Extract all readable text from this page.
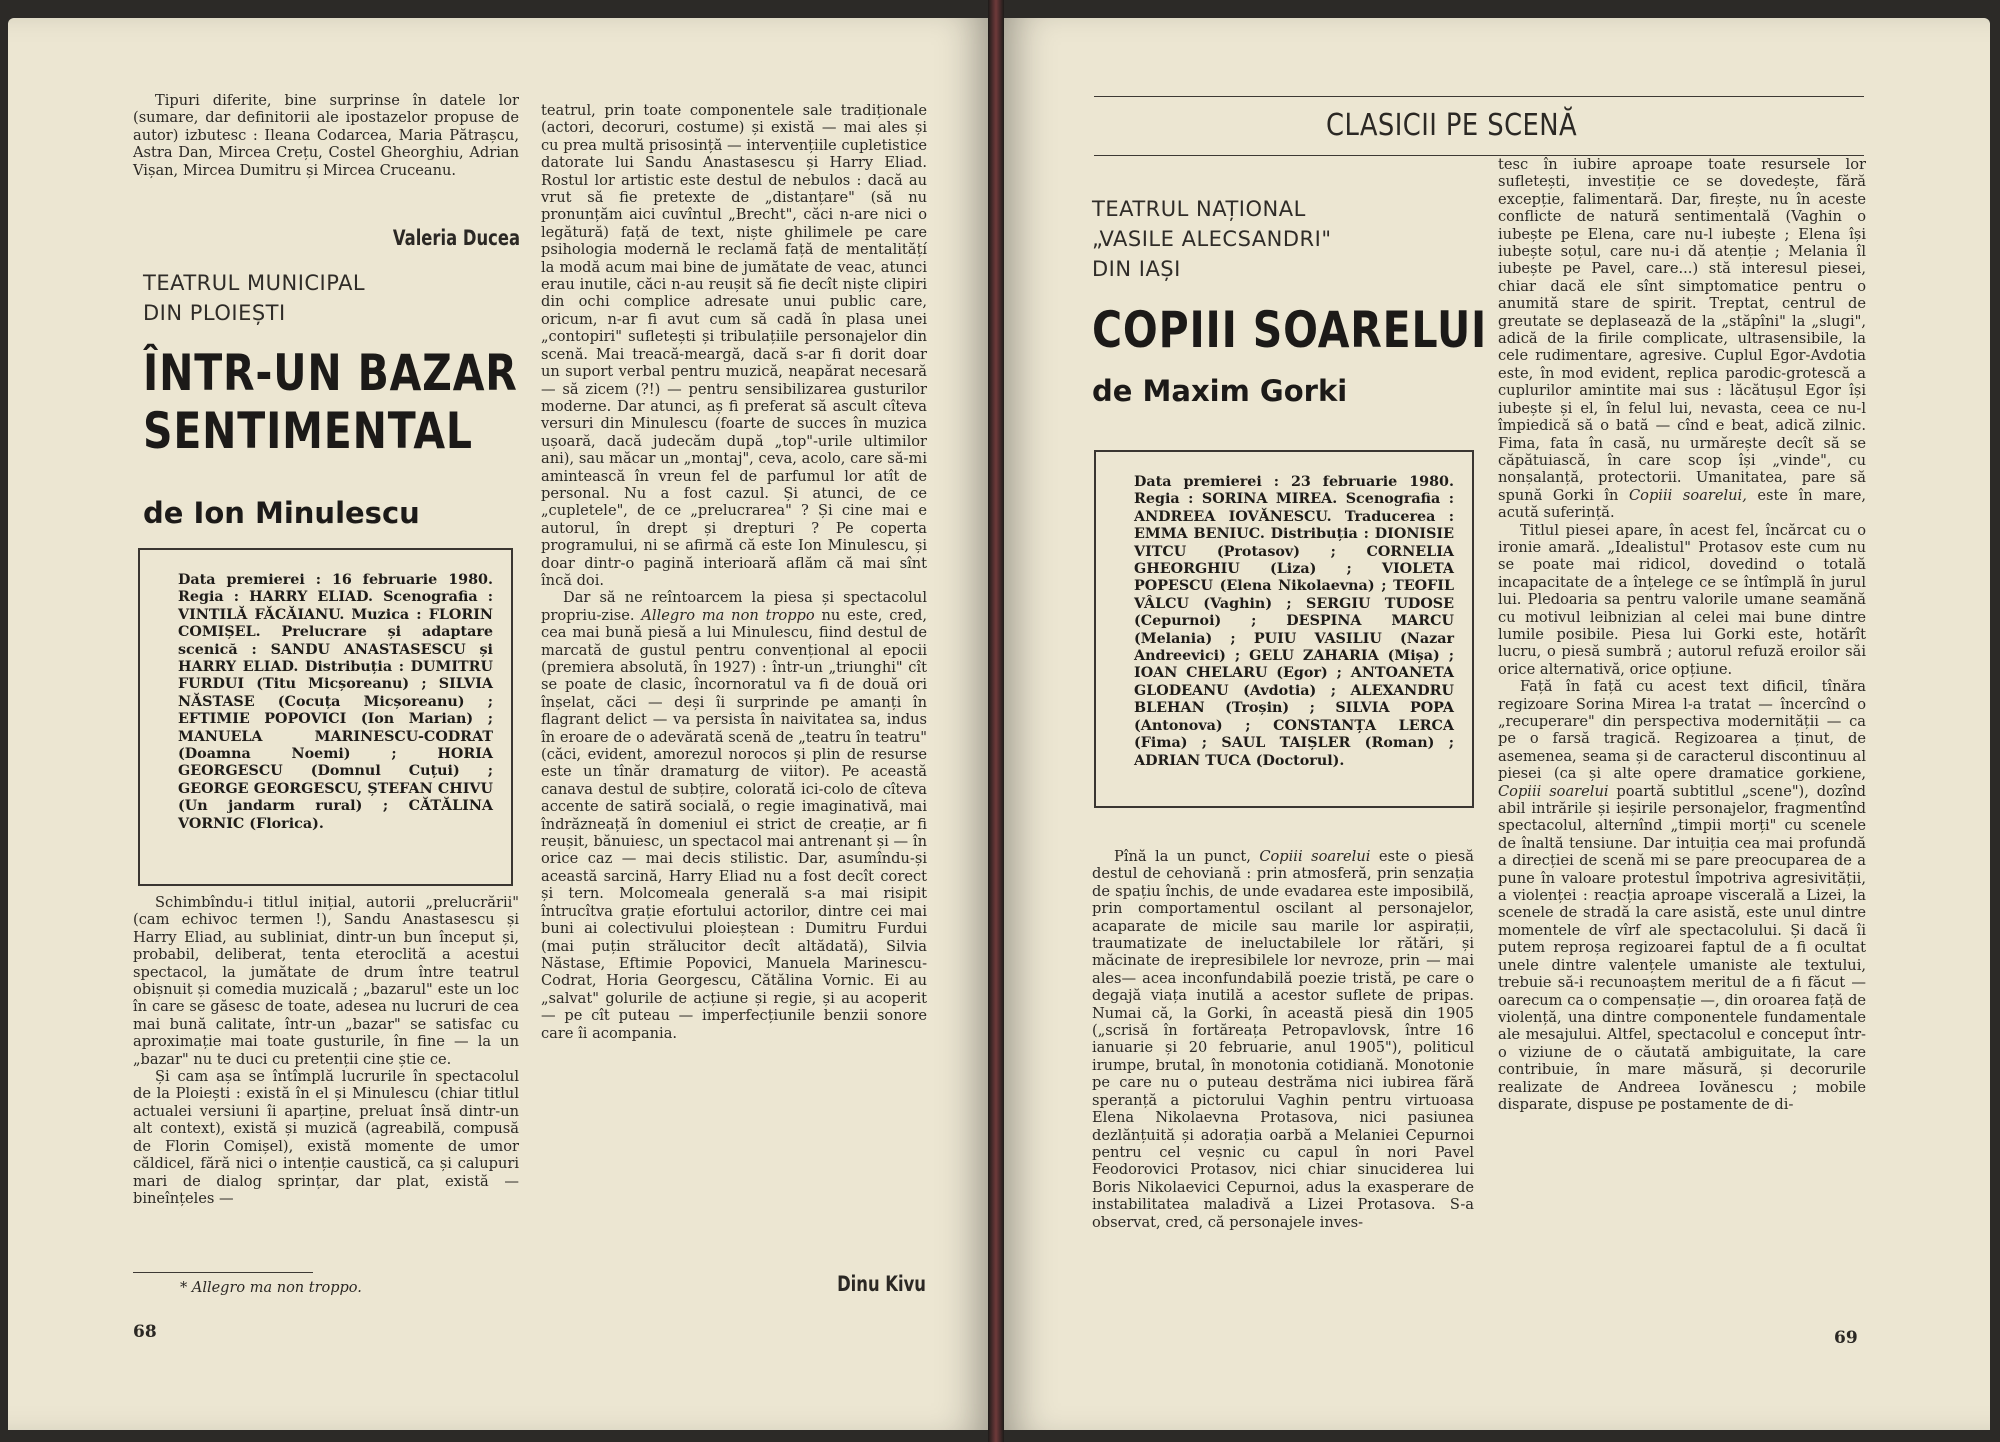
Tipuri diferite, bine surprinse în datele lor (sumare, dar definitorii ale ipostazelor propuse de autor) izbutesc : Ileana Codarcea, Maria Pătrașcu, Astra Dan, Mircea Crețu, Costel Gheorghiu, Adrian Vișan, Mircea Dumitru și Mircea Cruceanu.

Valeria Ducea
TEATRUL MUNICIPAL
DIN PLOIEȘTI
ÎNTR-UN BAZAR
SENTIMENTAL
de Ion Minulescu

Data premierei : 16 februarie 1980. Regia : HARRY ELIAD. Scenografia : VINTILĂ FĂCĂIANU. Muzica : FLORIN COMIȘEL. Prelucrare și adaptare scenică : SANDU ANASTASESCU și HARRY ELIAD. Distribuția : DUMITRU FURDUI (Titu Micșoreanu) ; SILVIA NĂSTASE (Cocuța Micșoreanu) ; EFTIMIE POPOVICI (Ion Marian) ; MANUELA MARINESCU-CODRAT (Doamna Noemi) ; HORIA GEORGESCU (Domnul Cuțui) ; GEORGE GEORGESCU, ȘTEFAN CHIVU (Un jandarm rural) ; CĂTĂLINA VORNIC (Florica).

Schimbîndu-i titlul inițial, autorii „prelucrării" (cam echivoc termen !), Sandu Anastasescu și Harry Eliad, au subliniat, dintr-un bun început și, probabil, deliberat, tenta eteroclită a acestui spectacol, la jumătate de drum între teatrul obișnuit și comedia muzicală ; „bazarul" este un loc în care se găsesc de toate, adesea nu lucruri de cea mai bună calitate, într-un „bazar" se satisfac cu aproximație mai toate gusturile, în fine — la un „bazar" nu te duci cu pretenții cine știe ce.

Și cam așa se întîmplă lucrurile în spectacolul de la Ploiești : există în el și Minulescu (chiar titlul actualei versiuni îi aparține, preluat însă dintr-un alt context), există și muzică (agreabilă, compusă de Florin Comișel), există momente de umor căldicel, fără nici o intenție caustică, ca și calupuri mari de dialog sprințar, dar plat, există — bineînțeles —

* Allegro ma non troppo.

teatrul, prin toate componentele sale tradiționale (actori, decoruri, costume) și există — mai ales și cu prea multă prisosință — intervențiile cupletistice datorate lui Sandu Anastasescu și Harry Eliad. Rostul lor artistic este destul de nebulos : dacă au vrut să fie pretexte de „distanțare" (să nu pronunțăm aici cuvîntul „Brecht", căci n-are nici o legătură) față de text, niște ghilimele pe care psihologia modernă le reclamă față de mentalitățí la modă acum mai bine de jumătate de veac, atunci erau inutile, căci n-au reușit să fie decît niște clipiri din ochi complice adresate unui public care, oricum, n-ar fi avut cum să cadă în plasa unei „contopiri" sufletești și tribulațiile personajelor din scenă. Mai treacă-meargă, dacă s-ar fi dorit doar un suport verbal pentru muzică, neapărat necesară — să zicem (?!) — pentru sensibilizarea gusturilor moderne. Dar atunci, aș fi preferat să ascult cîteva versuri din Minulescu (foarte de succes în muzica ușoară, dacă judecăm după „top"-urile ultimilor ani), sau măcar un „montaj", ceva, acolo, care să-mi amintească în vreun fel de parfumul lor atît de personal. Nu a fost cazul. Și atunci, de ce „cupletele", de ce „prelucrarea" ? Și cine mai e autorul, în drept și drepturi ? Pe coperta programului, ni se afirmă că este Ion Minulescu, și doar dintr-o pagină interioară aflăm că mai sînt încă doi.

Dar să ne reîntoarcem la piesa și spectacolul propriu-zise. Allegro ma non troppo nu este, cred, cea mai bună piesă a lui Minulescu, fiind destul de marcată de gustul pentru convențional al epocii (premiera absolută, în 1927) : într-un „triunghi" cît se poate de clasic, încornoratul va fi de două ori înșelat, căci — deși îi surprinde pe amanți în flagrant delict — va persista în naivitatea sa, indus în eroare de o adevărată scenă de „teatru în teatru" (căci, evident, amorezul norocos și plin de resurse este un tînăr dramaturg de viitor). Pe această canava destul de subțire, colorată ici-colo de cîteva accente de satiră socială, o regie imaginativă, mai îndrăzneață în domeniul ei strict de creație, ar fi reușit, bănuiesc, un spectacol mai antrenant și — în orice caz — mai decis stilistic. Dar, asumîndu-și această sarcină, Harry Eliad nu a fost decît corect și tern. Molcomeala generală s-a mai risipit întrucîtva grație efortului actorilor, dintre cei mai buni ai colectivului ploieștean : Dumitru Furdui (mai puțin strălucitor decît altădată), Silvia Năstase, Eftimie Popovici, Manuela Marinescu-Codrat, Horia Georgescu, Cătălina Vornic. Ei au „salvat" golurile de acțiune și regie, și au acoperit — pe cît puteau — imperfecțiunile benzii sonore care îi acompania.

Dinu Kivu
68
CLASICII PE SCENĂ
TEATRUL NAȚIONAL
„VASILE ALECSANDRI"
DIN IAȘI
COPIII SOARELUI
de Maxim Gorki

Data premierei : 23 februarie 1980. Regia : SORINA MIREA. Scenografia : ANDREEA IOVĂNESCU. Traducerea : EMMA BENIUC. Distribuția : DIONISIE VITCU (Protasov) ; CORNELIA GHEORGHIU (Liza) ; VIOLETA POPESCU (Elena Nikolaevna) ; TEOFIL VÂLCU (Vaghin) ; SERGIU TUDOSE (Cepurnoi) ; DESPINA MARCU (Melania) ; PUIU VASILIU (Nazar Andreevici) ; GELU ZAHARIA (Mișa) ; IOAN CHELARU (Egor) ; ANTOANETA GLODEANU (Avdotia) ; ALEXANDRU BLEHAN (Troșin) ; SILVIA POPA (Antonova) ; CONSTANȚA LERCA (Fima) ; SAUL TAIȘLER (Roman) ; ADRIAN TUCA (Doctorul).

Pînă la un punct, Copiii soarelui este o piesă destul de cehoviană : prin atmosferă, prin senzația de spațiu închis, de unde evadarea este imposibilă, prin comportamentul oscilant al personajelor, acaparate de micile sau marile lor aspirații, traumatizate de ineluctabilele lor rătări, și măcinate de irepresibilele lor nevroze, prin — mai ales— acea inconfundabilă poezie tristă, pe care o degajă viața inutilă a acestor suflete de pripas. Numai că, la Gorki, în această piesă din 1905 („scrisă în fortăreața Petropavlovsk, între 16 ianuarie și 20 februarie, anul 1905"), politicul irumpe, brutal, în monotonia cotidiană. Monotonie pe care nu o puteau destrăma nici iubirea fără speranță a pictorului Vaghin pentru virtuoasa Elena Nikolaevna Protasova, nici pasiunea dezlănțuită și adorația oarbă a Melaniei Cepurnoi pentru cel veșnic cu capul în nori Pavel Feodorovici Protasov, nici chiar sinuciderea lui Boris Nikolaevici Cepurnoi, adus la exasperare de instabilitatea maladivă a Lizei Protasova. S-a observat, cred, că personajele inves-

tesc în iubire aproape toate resursele lor sufletești, investiție ce se dovedește, fără excepție, falimentară. Dar, firește, nu în aceste conflicte de natură sentimentală (Vaghin o iubește pe Elena, care nu-l iubește ; Elena își iubește soțul, care nu-i dă atenție ; Melania îl iubește pe Pavel, care...) stă interesul piesei, chiar dacă ele sînt simptomatice pentru o anumită stare de spirit. Treptat, centrul de greutate se deplasează de la „stăpîni" la „slugi", adică de la firile complicate, ultrasensibile, la cele rudimentare, agresive. Cuplul Egor-Avdotia este, în mod evident, replica parodic-grotescă a cuplurilor amintite mai sus : lăcătușul Egor își iubește și el, în felul lui, nevasta, ceea ce nu-l împiedică să o bată — cînd e beat, adică zilnic. Fima, fata în casă, nu urmărește decît să se căpătuiască, în care scop își „vinde", cu nonșalanță, protectorii. Umanitatea, pare să spună Gorki în Copiii soarelui, este în mare, acută suferință.

Titlul piesei apare, în acest fel, încărcat cu o ironie amară. „Idealistul" Protasov este cum nu se poate mai ridicol, dovedind o totală incapacitate de a înțelege ce se întîmplă în jurul lui. Pledoaria sa pentru valorile umane seamănă cu motivul leibnizian al celei mai bune dintre lumile posibile. Piesa lui Gorki este, hotărît lucru, o piesă sumbră ; autorul refuză eroilor săi orice alternativă, orice opțiune.

Față în față cu acest text dificil, tînăra regizoare Sorina Mirea l-a tratat — încercînd o „recuperare" din perspectiva modernității — ca pe o farsă tragică. Regizoarea a ținut, de asemenea, seama și de caracterul discontinuu al piesei (ca și alte opere dramatice gorkiene, Copiii soarelui poartă subtitlul „scene"), dozînd abil intrările și ieșirile personajelor, fragmentînd spectacolul, alternînd „timpii morți" cu scenele de înaltă tensiune. Dar intuiția cea mai profundă a direcției de scenă mi se pare preocuparea de a pune în valoare protestul împotriva agresivității, a violenței : reacția aproape viscerală a Lizei, la scenele de stradă la care asistă, este unul dintre momentele de vîrf ale spectacolului. Și dacă îi putem reproșa regizoarei faptul de a fi ocultat unele dintre valențele umaniste ale textului, trebuie să-i recunoaștem meritul de a fi făcut — oarecum ca o compensație —, din oroarea față de violență, una dintre componentele fundamentale ale mesajului. Altfel, spectacolul e conceput într-o viziune de o căutată ambiguitate, la care contribuie, în mare măsură, și decorurile realizate de Andreea Iovănescu ; mobile disparate, dispuse pe postamente de di-

69
